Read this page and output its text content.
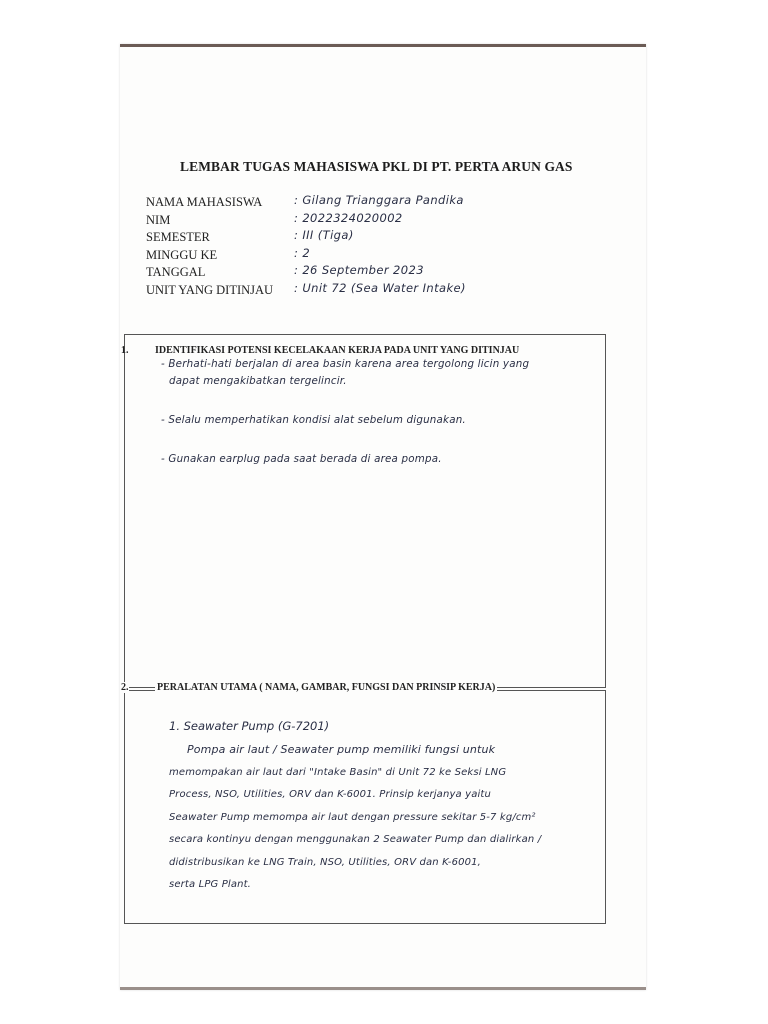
LEMBAR TUGAS MAHASISWA PKL DI PT. PERTA ARUN GAS
NAMA MAHASISWA	: Gilang Trianggara Pandika
NIM	: 2022324020002
SEMESTER	: III (Tiga)
MINGGU KE	: 2
TANGGAL	: 26 September 2023
UNIT YANG DITINJAU	: Unit 72 (Sea Water Intake)
1.	IDENTIFIKASI POTENSI KECELAKAAN KERJA PADA UNIT YANG DITINJAU
- Berhati-hati berjalan di area basin karena area tergolong licin yang
dapat mengakibatkan tergelincir.
- Selalu memperhatikan kondisi alat sebelum digunakan.
- Gunakan earplug pada saat berada di area pompa.
2.	PERALATAN UTAMA ( NAMA, GAMBAR, FUNGSI DAN PRINSIP KERJA)
1. Seawater Pump (G-7201)
Pompa air laut / Seawater pump memiliki fungsi untuk
memompakan air laut dari "Intake Basin" di Unit 72 ke Seksi LNG
Process, NSO, Utilities, ORV dan K-6001. Prinsip kerjanya yaitu
Seawater Pump memompa air laut dengan pressure sekitar 5-7 kg/cm²
secara kontinyu dengan menggunakan 2 Seawater Pump dan dialirkan /
didistribusikan ke LNG Train, NSO, Utilities, ORV dan K-6001,
serta LPG Plant.
